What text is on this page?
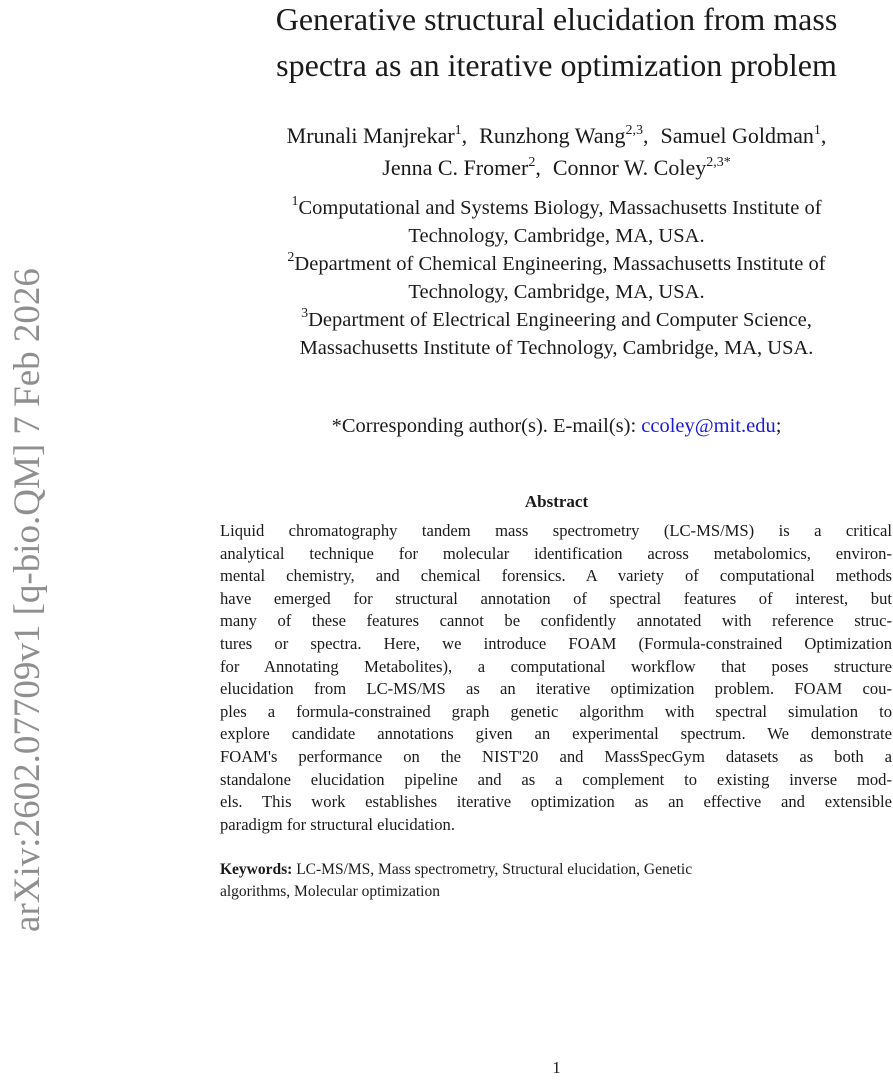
arXiv:2602.07709v1 [q-bio.QM] 7 Feb 2026
Generative structural elucidation from mass
spectra as an iterative optimization problem
Mrunali Manjrekar$^1$, Runzhong Wang$^{2,3}$, Samuel Goldman$^1$,
Jenna C. Fromer$^2$, Connor W. Coley$^{2,3*}$
$^1$Computational and Systems Biology, Massachusetts Institute of
Technology, Cambridge, MA, USA.
$^2$Department of Chemical Engineering, Massachusetts Institute of
Technology, Cambridge, MA, USA.
$^3$Department of Electrical Engineering and Computer Science,
Massachusetts Institute of Technology, Cambridge, MA, USA.
*Corresponding author(s). E-mail(s): ccoley@mit.edu;
Abstract
Liquid chromatography tandem mass spectrometry (LC-MS/MS) is a critical
analytical technique for molecular identification across metabolomics, environ-
mental chemistry, and chemical forensics. A variety of computational methods
have emerged for structural annotation of spectral features of interest, but
many of these features cannot be confidently annotated with reference struc-
tures or spectra. Here, we introduce FOAM (Formula-constrained Optimization
for Annotating Metabolites), a computational workflow that poses structure
elucidation from LC-MS/MS as an iterative optimization problem. FOAM cou-
ples a formula-constrained graph genetic algorithm with spectral simulation to
explore candidate annotations given an experimental spectrum. We demonstrate
FOAM's performance on the NIST'20 and MassSpecGym datasets as both a
standalone elucidation pipeline and as a complement to existing inverse mod-
els. This work establishes iterative optimization as an effective and extensible
paradigm for structural elucidation.
Keywords: LC-MS/MS, Mass spectrometry, Structural elucidation, Genetic
algorithms, Molecular optimization
1
